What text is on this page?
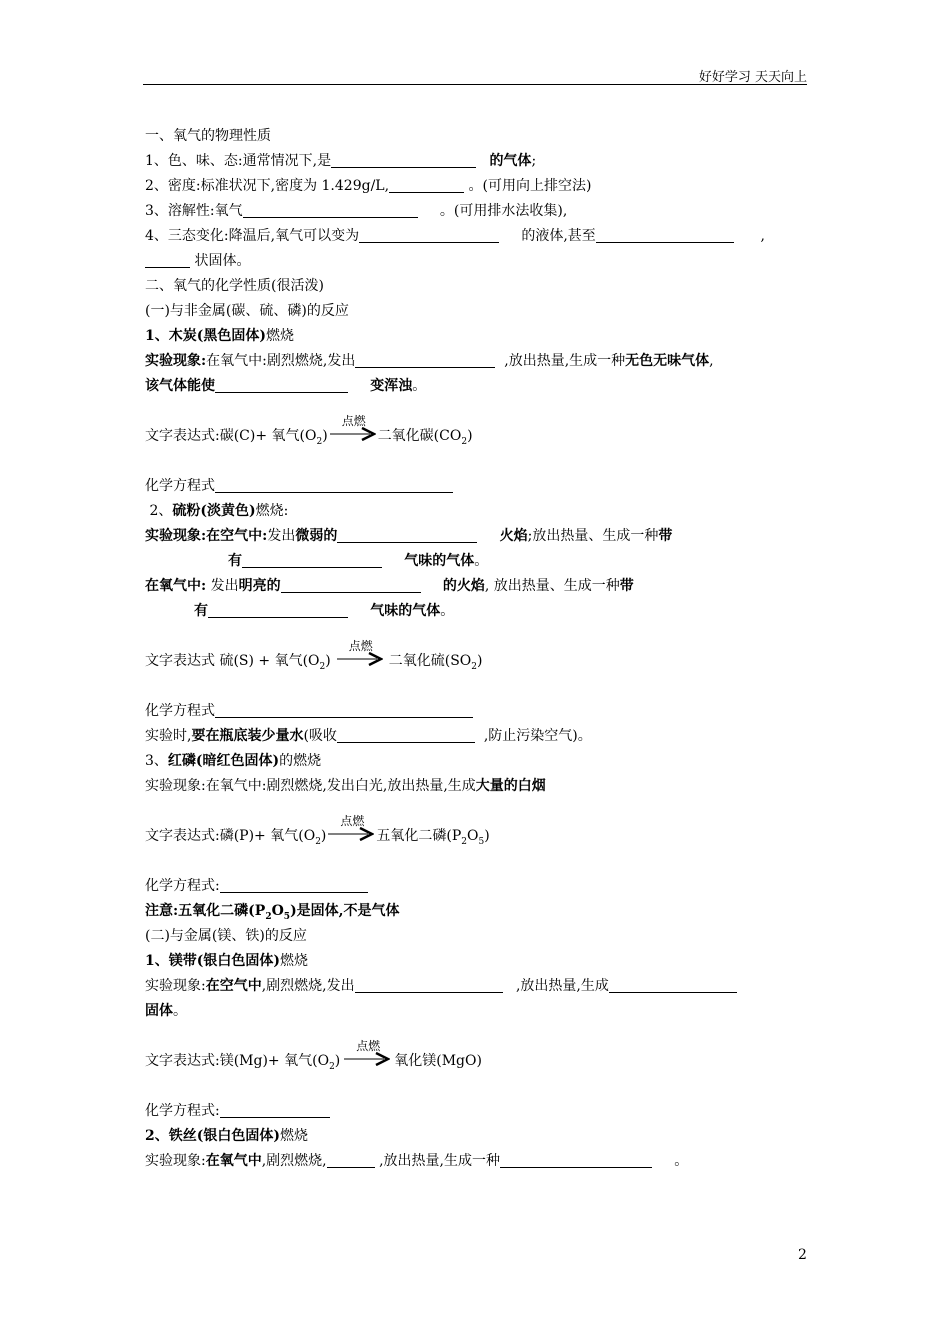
好好学习 天天向上
一、氧气的物理性质
1、色、味、态:通常情况下,是	的气体;
2、密度:标准状况下,密度为 1.429g/L,	。(可用向上排空法)
3、溶解性:氧气	。(可用排水法收集),
4、三态变化:降温后,氧气可以变为	的液体,甚至	,
状固体。
二、氧气的化学性质(很活泼)
(一)与非金属(碳、硫、磷)的反应
1、木炭(黑色固体)燃烧
实验现象:在氧气中:剧烈燃烧,发出	,放出热量,生成一种无色无味气体,
该气体能使	变浑浊。
文字表达式:碳(C)+ 氧气$(O_2)$
点燃
二氧化碳$(CO_2)$
化学方程式
2、硫粉(淡黄色)燃烧:
实验现象:在空气中:发出微弱的	火焰;放出热量、生成一种带
有	气味的气体。
在氧气中: 发出明亮的	的火焰, 放出热量、生成一种带
有	气味的气体。
文字表达式 硫(S) + 氧气$(O_2)$
点燃
二氧化硫$(SO_2)$
化学方程式
实验时,要在瓶底装少量水(吸收	,防止污染空气)。
3、红磷(暗红色固体)的燃烧
实验现象:在氧气中:剧烈燃烧,发出白光,放出热量,生成大量的白烟
文字表达式:磷(P)+ 氧气$(O_2)$
点燃
五氧化二磷$(P_2O_5)$
化学方程式:
注意:五氧化二磷$(P_2O_5)$是固体,不是气体
(二)与金属(镁、铁)的反应
1、镁带(银白色固体)燃烧
实验现象:在空气中,剧烈燃烧,发出	,放出热量,生成
固体。
文字表达式:镁(Mg)+ 氧气$(O_2)$
点燃
氧化镁(MgO)
化学方程式:
2、铁丝(银白色固体)燃烧
实验现象:在氧气中,剧烈燃烧,	,放出热量,生成一种	。
2
